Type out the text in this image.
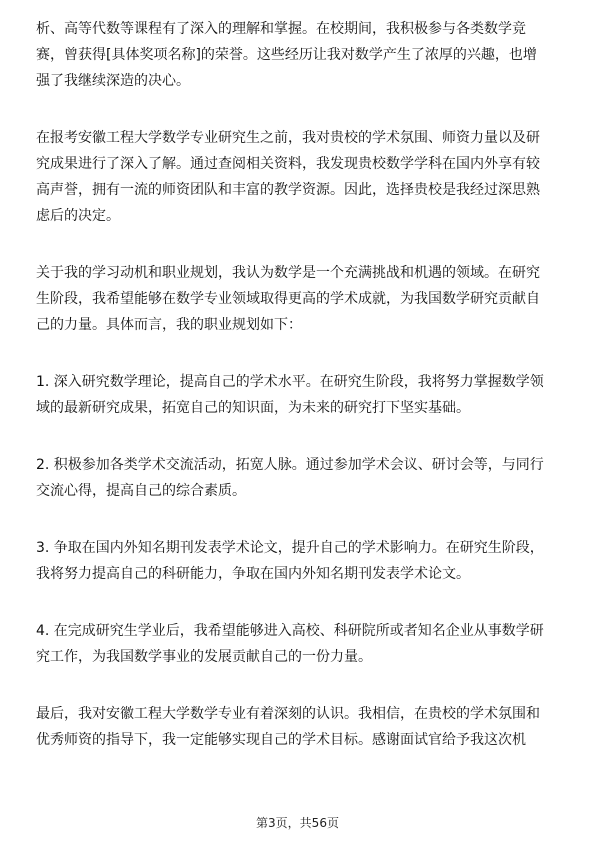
析、高等代数等课程有了深入的理解和掌握。在校期间，我积极参与各类数学竞
赛，曾获得[具体奖项名称]的荣誉。这些经历让我对数学产生了浓厚的兴趣，也增
强了我继续深造的决心。
在报考安徽工程大学数学专业研究生之前，我对贵校的学术氛围、师资力量以及研
究成果进行了深入了解。通过查阅相关资料，我发现贵校数学学科在国内外享有较
高声誉，拥有一流的师资团队和丰富的教学资源。因此，选择贵校是我经过深思熟
虑后的决定。
关于我的学习动机和职业规划，我认为数学是一个充满挑战和机遇的领域。在研究
生阶段，我希望能够在数学专业领域取得更高的学术成就，为我国数学研究贡献自
己的力量。具体而言，我的职业规划如下：
1. 深入研究数学理论，提高自己的学术水平。在研究生阶段，我将努力掌握数学领
域的最新研究成果，拓宽自己的知识面，为未来的研究打下坚实基础。
2. 积极参加各类学术交流活动，拓宽人脉。通过参加学术会议、研讨会等，与同行
交流心得，提高自己的综合素质。
3. 争取在国内外知名期刊发表学术论文，提升自己的学术影响力。在研究生阶段，
我将努力提高自己的科研能力，争取在国内外知名期刊发表学术论文。
4. 在完成研究生学业后，我希望能够进入高校、科研院所或者知名企业从事数学研
究工作，为我国数学事业的发展贡献自己的一份力量。
最后，我对安徽工程大学数学专业有着深刻的认识。我相信，在贵校的学术氛围和
优秀师资的指导下，我一定能够实现自己的学术目标。感谢面试官给予我这次机
第3页，共56页
